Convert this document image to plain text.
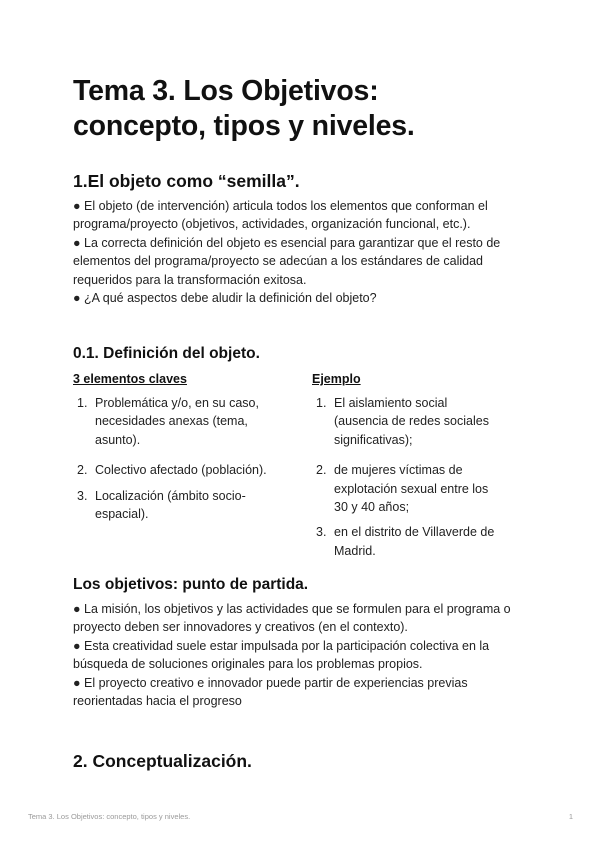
Tema 3. Los Objetivos:
concepto, tipos y niveles.
1.El objeto como “semilla”.

● El objeto (de intervención) articula todos los elementos que conforman el

programa/proyecto (objetivos, actividades, organización funcional, etc.).

● La correcta definición del objeto es esencial para garantizar que el resto de

elementos del programa/proyecto se adecúan a los estándares de calidad

requeridos para la transformación exitosa.

● ¿A qué aspectos debe aludir la definición del objeto?

0.1. Definición del objeto.
3 elementos claves
1. Problemática y/o, en su caso,
necesidades anexas (tema,
asunto).
2. Colectivo afectado (población).
3. Localización (ámbito socio-
espacial).
Ejemplo
1. El aislamiento social
(ausencia de redes sociales
significativas);
2. de mujeres víctimas de
explotación sexual entre los
30 y 40 años;
3. en el distrito de Villaverde de
Madrid.
Los objetivos: punto de partida.

● La misión, los objetivos y las actividades que se formulen para el programa o

proyecto deben ser innovadores y creativos (en el contexto).

● Esta creatividad suele estar impulsada por la participación colectiva en la

búsqueda de soluciones originales para los problemas propios.

● El proyecto creativo e innovador puede partir de experiencias previas

reorientadas hacia el progreso

2. Conceptualización.
Tema 3. Los Objetivos: concepto, tipos y niveles.	1
